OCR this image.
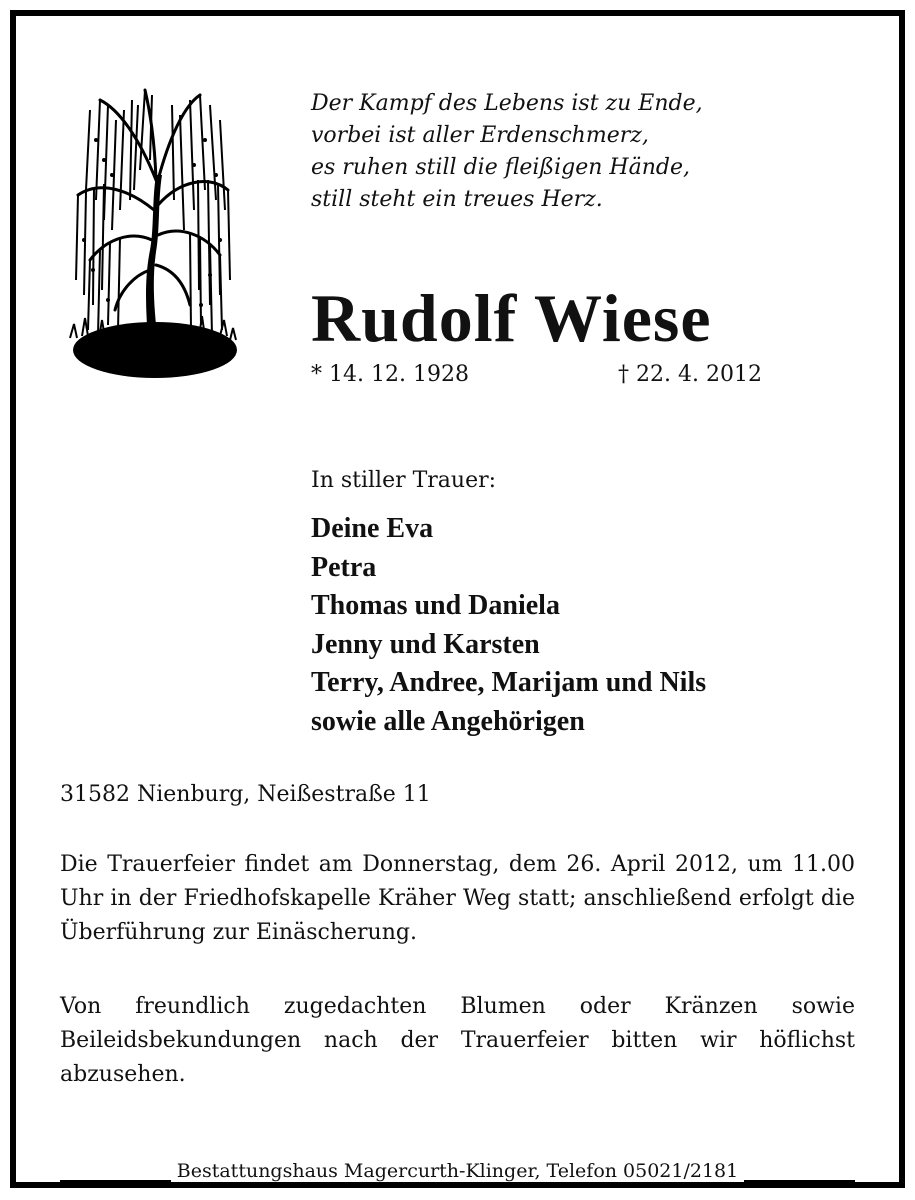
Der Kampf des Lebens ist zu Ende,
vorbei ist aller Erdenschmerz,
es ruhen still die fleißigen Hände,
still steht ein treues Herz.
Rudolf Wiese
* 14. 12. 1928	† 22. 4. 2012
In stiller Trauer:
Deine Eva
Petra
Thomas und Daniela
Jenny und Karsten
Terry, Andree, Marijam und Nils
sowie alle Angehörigen
31582 Nienburg, Neißestraße 11
Die Trauerfeier findet am Donnerstag, dem 26. April 2012, um 11.00 Uhr in der Friedhofskapelle Kräher Weg statt; anschließend erfolgt die Überführung zur Einäscherung.
Von freundlich zugedachten Blumen oder Kränzen sowie Beileidsbekundungen nach der Trauerfeier bitten wir höflichst abzusehen.
Bestattungshaus Magercurth-Klinger, Telefon 05021/2181
